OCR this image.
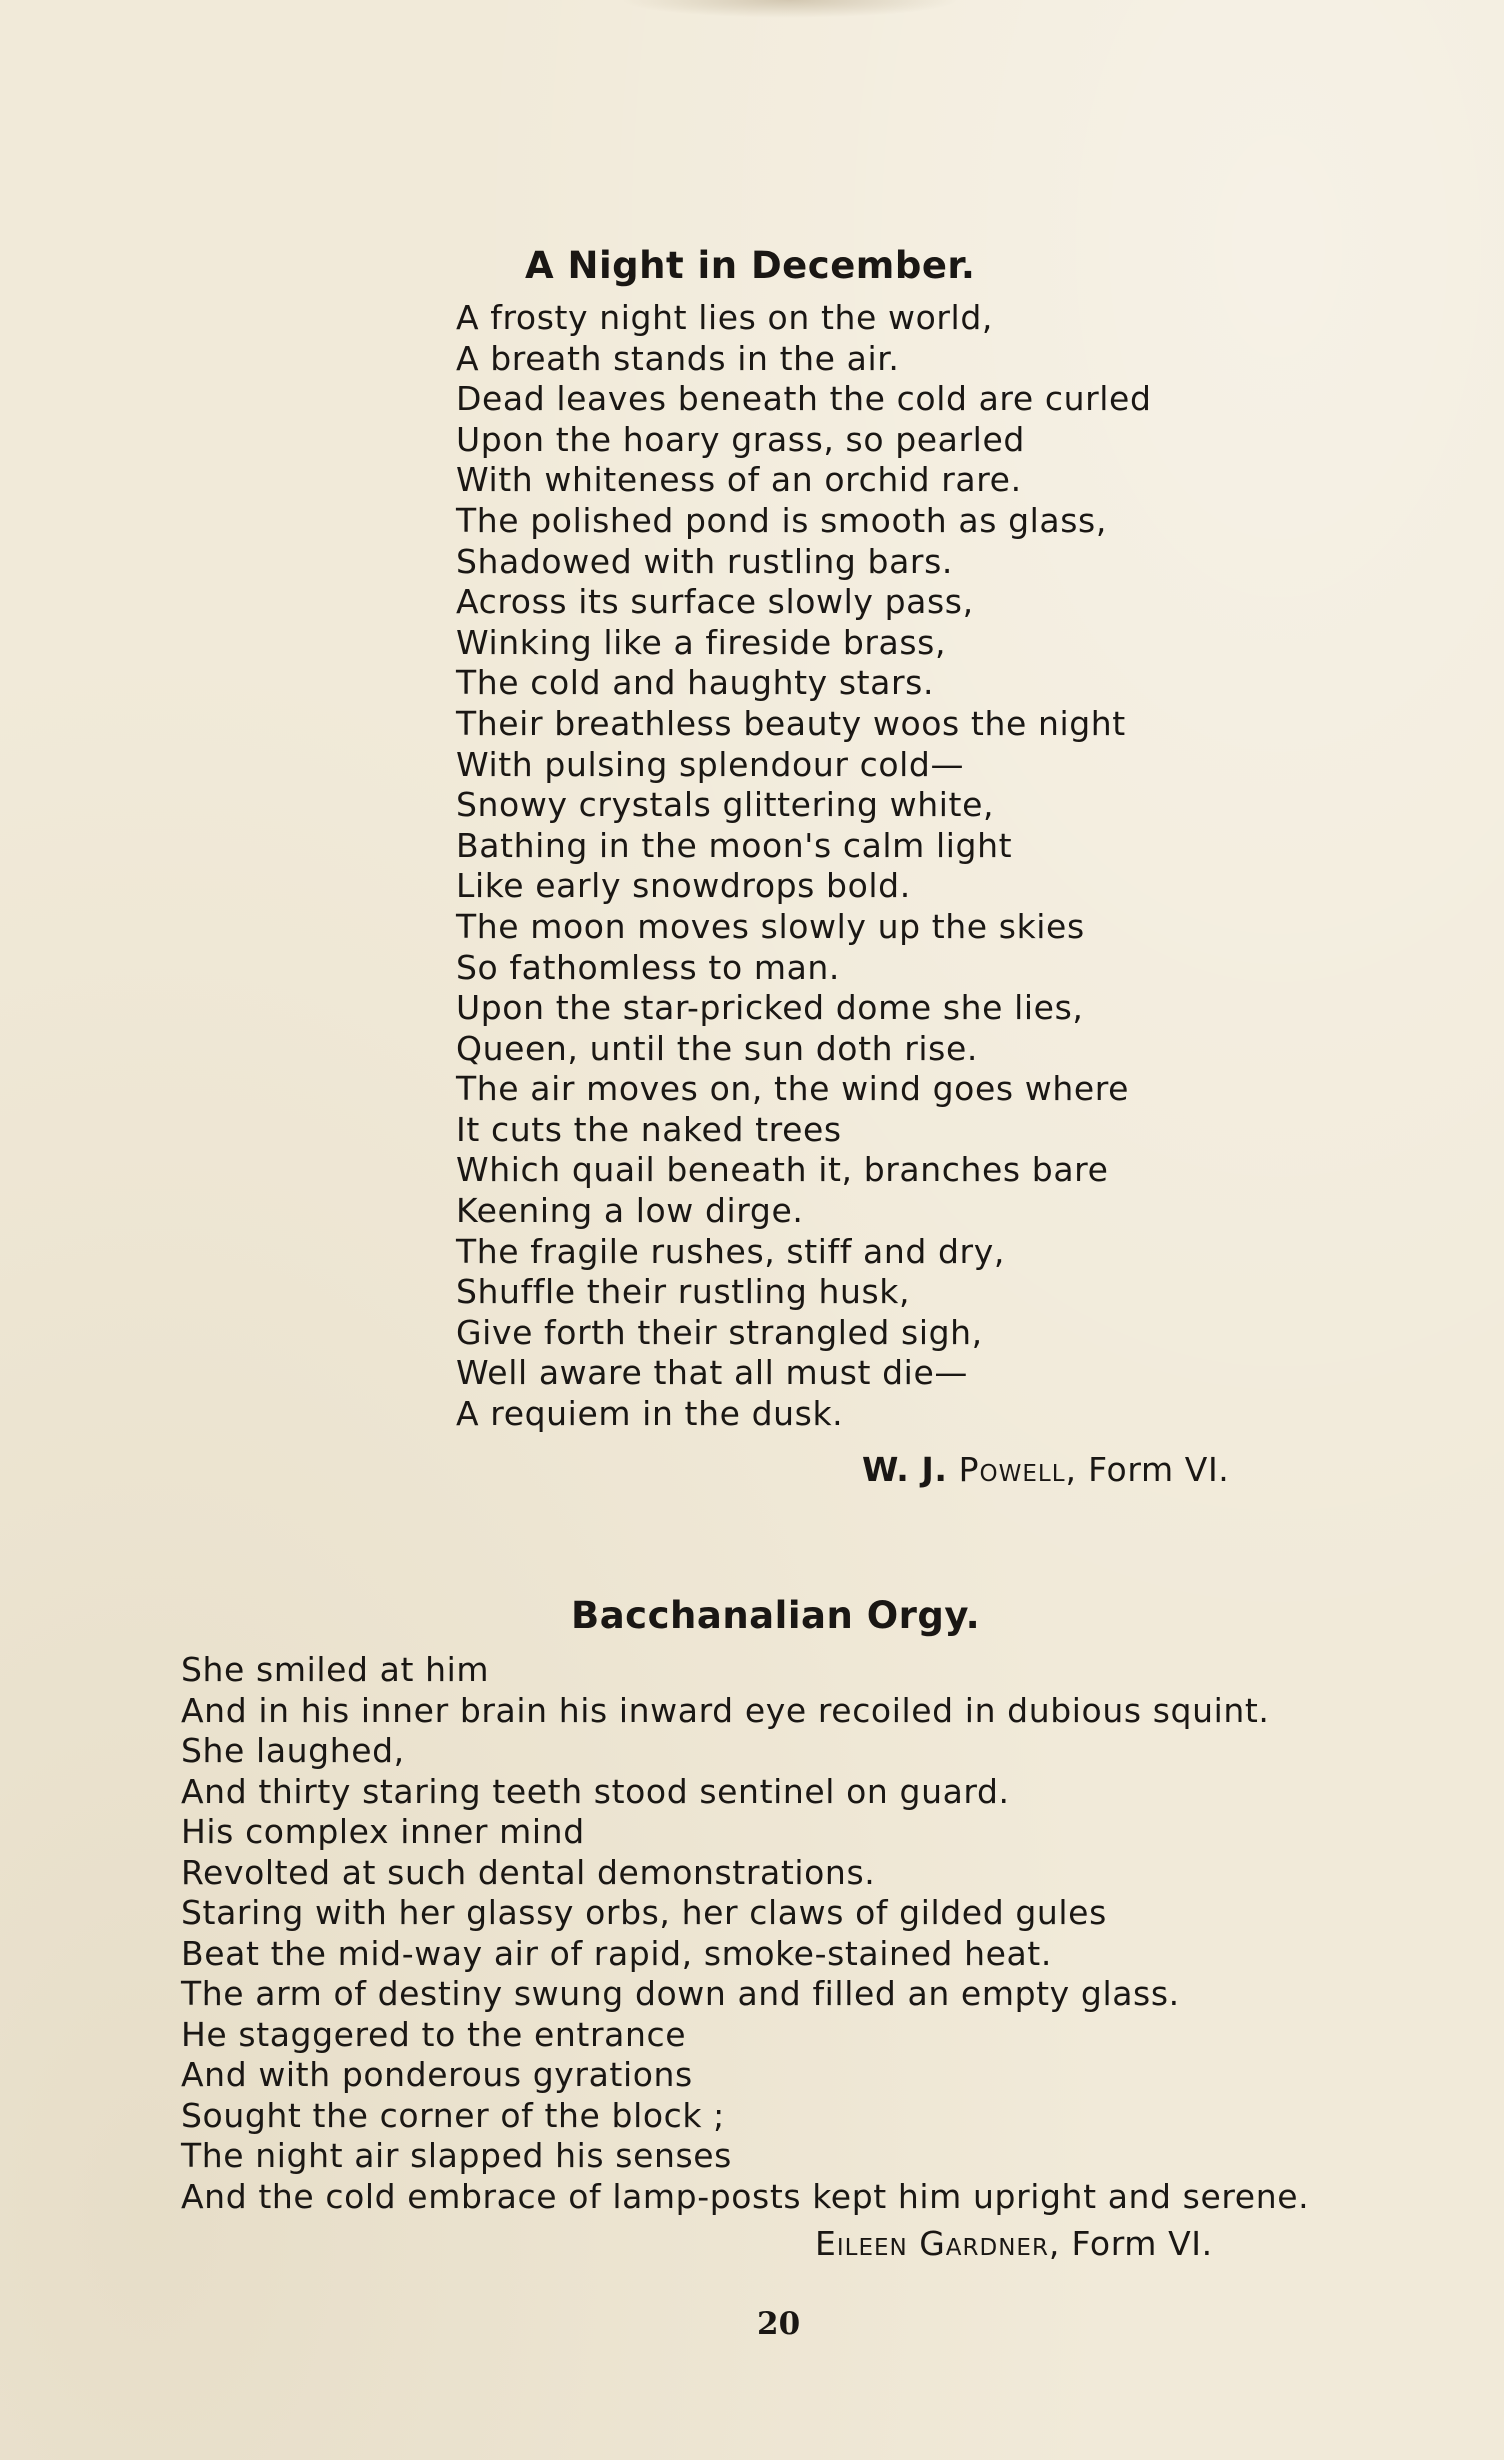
A Night in December.
A frosty night lies on the world,
A breath stands in the air.
Dead leaves beneath the cold are curled
Upon the hoary grass, so pearled
With whiteness of an orchid rare.
The polished pond is smooth as glass,
Shadowed with rustling bars.
Across its surface slowly pass,
Winking like a fireside brass,
The cold and haughty stars.
Their breathless beauty woos the night
With pulsing splendour cold—
Snowy crystals glittering white,
Bathing in the moon's calm light
Like early snowdrops bold.
The moon moves slowly up the skies
So fathomless to man.
Upon the star-pricked dome she lies,
Queen, until the sun doth rise.
The air moves on, the wind goes where
It cuts the naked trees
Which quail beneath it, branches bare
Keening a low dirge.
The fragile rushes, stiff and dry,
Shuffle their rustling husk,
Give forth their strangled sigh,
Well aware that all must die—
A requiem in the dusk.
W. J. Powell, Form VI.
Bacchanalian Orgy.
She smiled at him
And in his inner brain his inward eye recoiled in dubious squint.
She laughed,
And thirty staring teeth stood sentinel on guard.
His complex inner mind
Revolted at such dental demonstrations.
Staring with her glassy orbs, her claws of gilded gules
Beat the mid-way air of rapid, smoke-stained heat.
The arm of destiny swung down and filled an empty glass.
He staggered to the entrance
And with ponderous gyrations
Sought the corner of the block ;
The night air slapped his senses
And the cold embrace of lamp-posts kept him upright and serene.
Eileen Gardner, Form VI.
20
